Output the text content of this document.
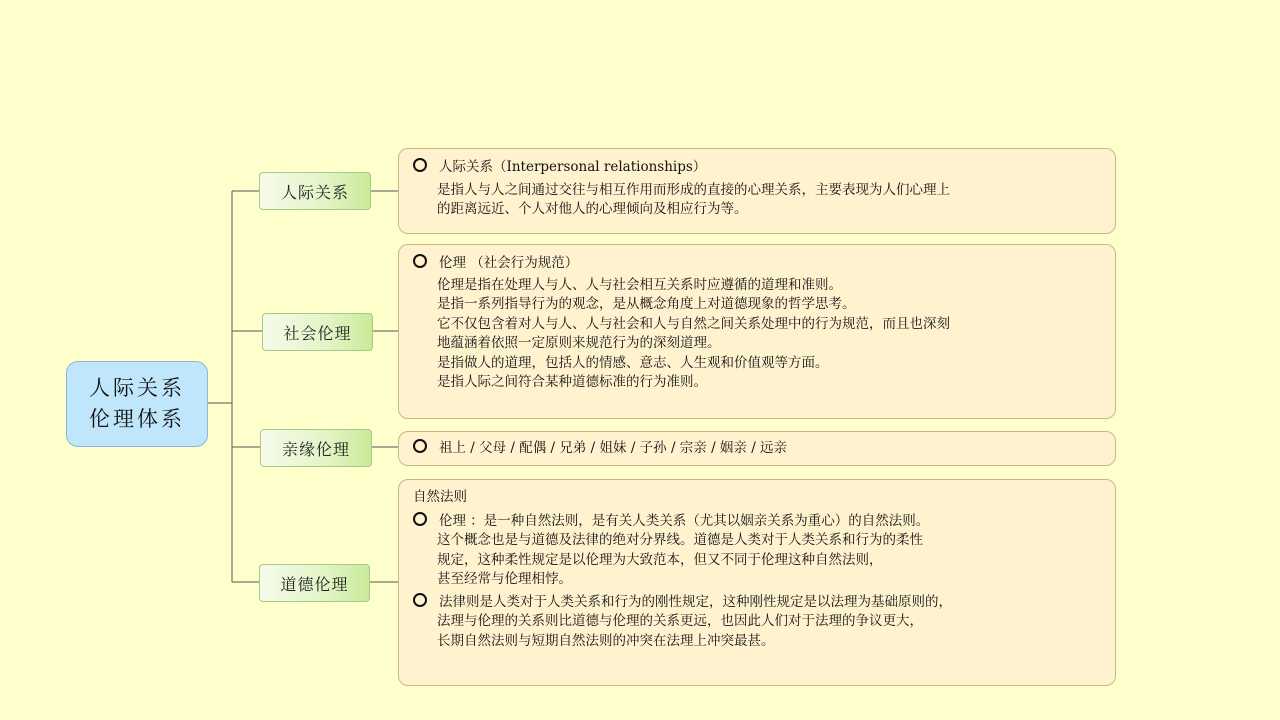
人际关系
伦理体系
人际关系
社会伦理
亲缘伦理
道德伦理
人际关系（Interpersonal relationships）
是指人与人之间通过交往与相互作用而形成的直接的心理关系，主要表现为人们心理上
的距离远近、个人对他人的心理倾向及相应行为等。
伦理 （社会行为规范）
伦理是指在处理人与人、人与社会相互关系时应遵循的道理和准则。
是指一系列指导行为的观念，是从概念角度上对道德现象的哲学思考。
它不仅包含着对人与人、人与社会和人与自然之间关系处理中的行为规范，而且也深刻
地蕴涵着依照一定原则来规范行为的深刻道理。
是指做人的道理，包括人的情感、意志、人生观和价值观等方面。
是指人际之间符合某种道德标准的行为准则。
祖上 / 父母 / 配偶 / 兄弟 / 姐妹 / 子孙 / 宗亲 / 姻亲 / 远亲
自然法则
伦理 ：是一种自然法则，是有关人类关系（尤其以姻亲关系为重心）的自然法则。
这个概念也是与道德及法律的绝对分界线。道德是人类对于人类关系和行为的柔性
规定，这种柔性规定是以伦理为大致范本，但又不同于伦理这种自然法则，
甚至经常与伦理相悖。
法律则是人类对于人类关系和行为的刚性规定，这种刚性规定是以法理为基础原则的，
法理与伦理的关系则比道德与伦理的关系更远，也因此人们对于法理的争议更大，
长期自然法则与短期自然法则的冲突在法理上冲突最甚。
